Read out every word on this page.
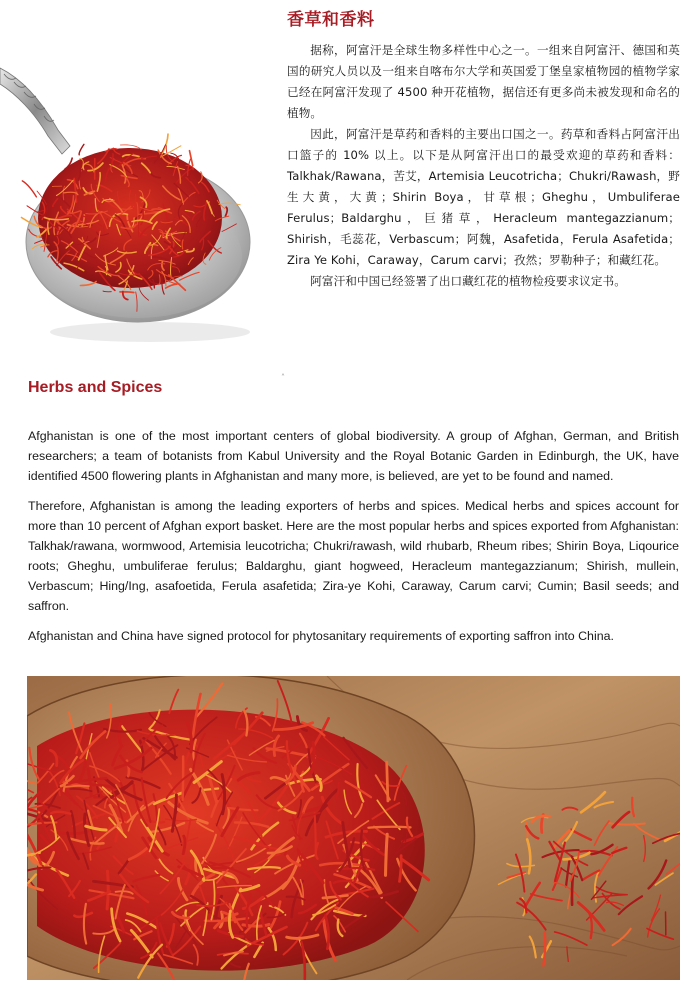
香草和香料

据称，阿富汗是全球生物多样性中心之一。一组来自阿富汗、德国和英国的研究人员以及一组来自喀布尔大学和英国爱丁堡皇家植物园的植物学家已经在阿富汗发现了 4500 种开花植物，据信还有更多尚未被发现和命名的植物。

因此，阿富汗是草药和香料的主要出口国之一。药草和香料占阿富汗出口篮子的 10% 以上。以下是从阿富汗出口的最受欢迎的草药和香料：Talkhak/Rawana，苦艾，Artemisia Leucotricha；Chukri/Rawash，野生大黄，大黄；Shirin Boya，甘草根；Gheghu，Umbuliferae Ferulus；Baldarghu，巨猪草，Heracleum mantegazzianum；Shirish，毛蕊花，Verbascum；阿魏，Asafetida，Ferula Asafetida；Zira Ye Kohi，Caraway，Carum carvi；孜然；罗勒种子；和藏红花。

阿富汗和中国已经签署了出口藏红花的植物检疫要求议定书。

˄
Herbs and Spices

Afghanistan is one of the most important centers of global biodiversity. A group of Afghan, German, and British researchers; a team of botanists from Kabul University and the Royal Botanic Garden in Edinburgh, the UK, have identified 4500 flowering plants in Afghanistan and many more, is believed, are yet to be found and named.

Therefore, Afghanistan is among the leading exporters of herbs and spices. Medical herbs and spices account for more than 10 percent of Afghan export basket. Here are the most popular herbs and spices exported from Afghanistan: Talkhak/rawana, wormwood, Artemisia leucotricha; Chukri/rawash, wild rhubarb, Rheum ribes; Shirin Boya, Liqourice roots; Gheghu, umbuliferae ferulus; Baldarghu, giant hogweed, Heracleum mantegazzianum; Shirish, mullein, Verbascum; Hing/Ing, asafoetida, Ferula asafetida; Zira-ye Kohi, Caraway, Carum carvi; Cumin; Basil seeds; and saffron.

Afghanistan and China have signed protocol for phytosanitary requirements of exporting saffron into China.
